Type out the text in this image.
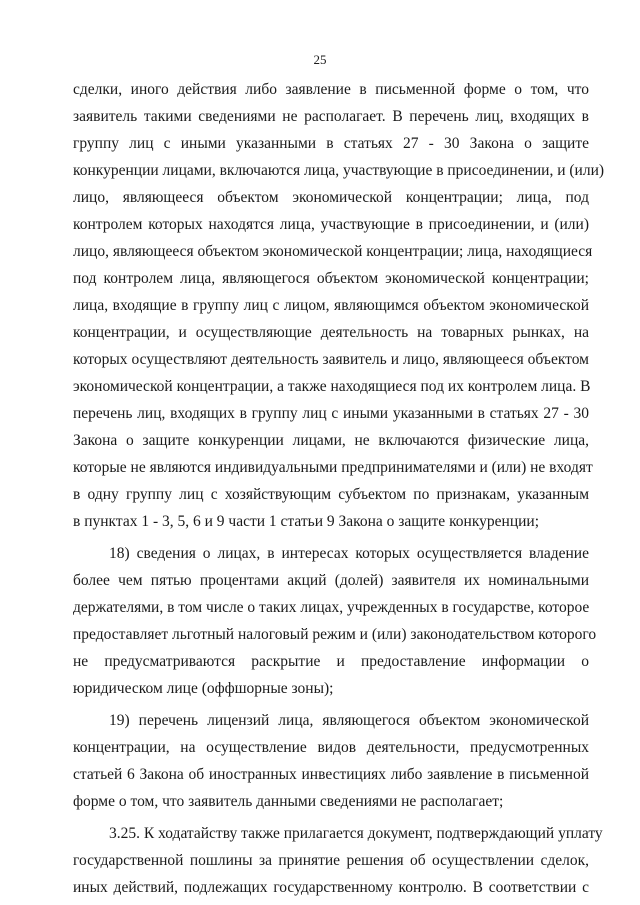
25
сделки, иного действия либо заявление в письменной форме о том, что
заявитель такими сведениями не располагает. В перечень лиц, входящих в
группу лиц с иными указанными в статьях 27 - 30 Закона о защите
конкуренции лицами, включаются лица, участвующие в присоединении, и (или)
лицо, являющееся объектом экономической концентрации; лица, под
контролем которых находятся лица, участвующие в присоединении, и (или)
лицо, являющееся объектом экономической концентрации; лица, находящиеся
под контролем лица, являющегося объектом экономической концентрации;
лица, входящие в группу лиц с лицом, являющимся объектом экономической
концентрации, и осуществляющие деятельность на товарных рынках, на
которых осуществляют деятельность заявитель и лицо, являющееся объектом
экономической концентрации, а также находящиеся под их контролем лица. В
перечень лиц, входящих в группу лиц с иными указанными в статьях 27 - 30
Закона о защите конкуренции лицами, не включаются физические лица,
которые не являются индивидуальными предпринимателями и (или) не входят
в одну группу лиц с хозяйствующим субъектом по признакам, указанным
в пунктах 1 - 3, 5, 6 и 9 части 1 статьи 9 Закона о защите конкуренции;
18) сведения о лицах, в интересах которых осуществляется владение
более чем пятью процентами акций (долей) заявителя их номинальными
держателями, в том числе о таких лицах, учрежденных в государстве, которое
предоставляет льготный налоговый режим и (или) законодательством которого
не предусматриваются раскрытие и предоставление информации о
юридическом лице (оффшорные зоны);
19) перечень лицензий лица, являющегося объектом экономической
концентрации, на осуществление видов деятельности, предусмотренных
статьей 6 Закона об иностранных инвестициях либо заявление в письменной
форме о том, что заявитель данными сведениями не располагает;
3.25. К ходатайству также прилагается документ, подтверждающий уплату
государственной пошлины за принятие решения об осуществлении сделок,
иных действий, подлежащих государственному контролю. В соответствии с
